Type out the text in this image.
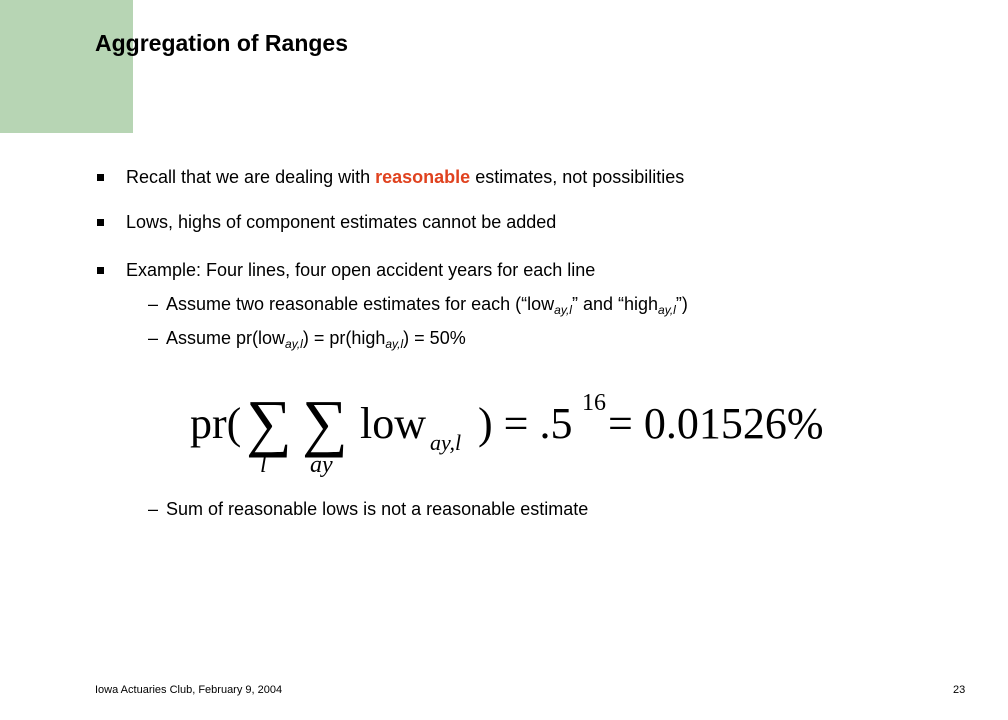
Aggregation of Ranges
Recall that we are dealing with reasonable estimates, not possibilities
Lows, highs of component estimates cannot be added
Example: Four lines, four open accident years for each line
– Assume two reasonable estimates for each (“low$_{ay,l}$” and “high$_{ay,l}$”)
– Assume pr(low$_{ay,l}$) = pr(high$_{ay,l}$) = 50%
– Sum of reasonable lows is not a reasonable estimate
pr( ∑
l
∑
ay
low ay,l ) = .5 16 = 0.01526%
Iowa Actuaries Club, February 9, 2004	23
